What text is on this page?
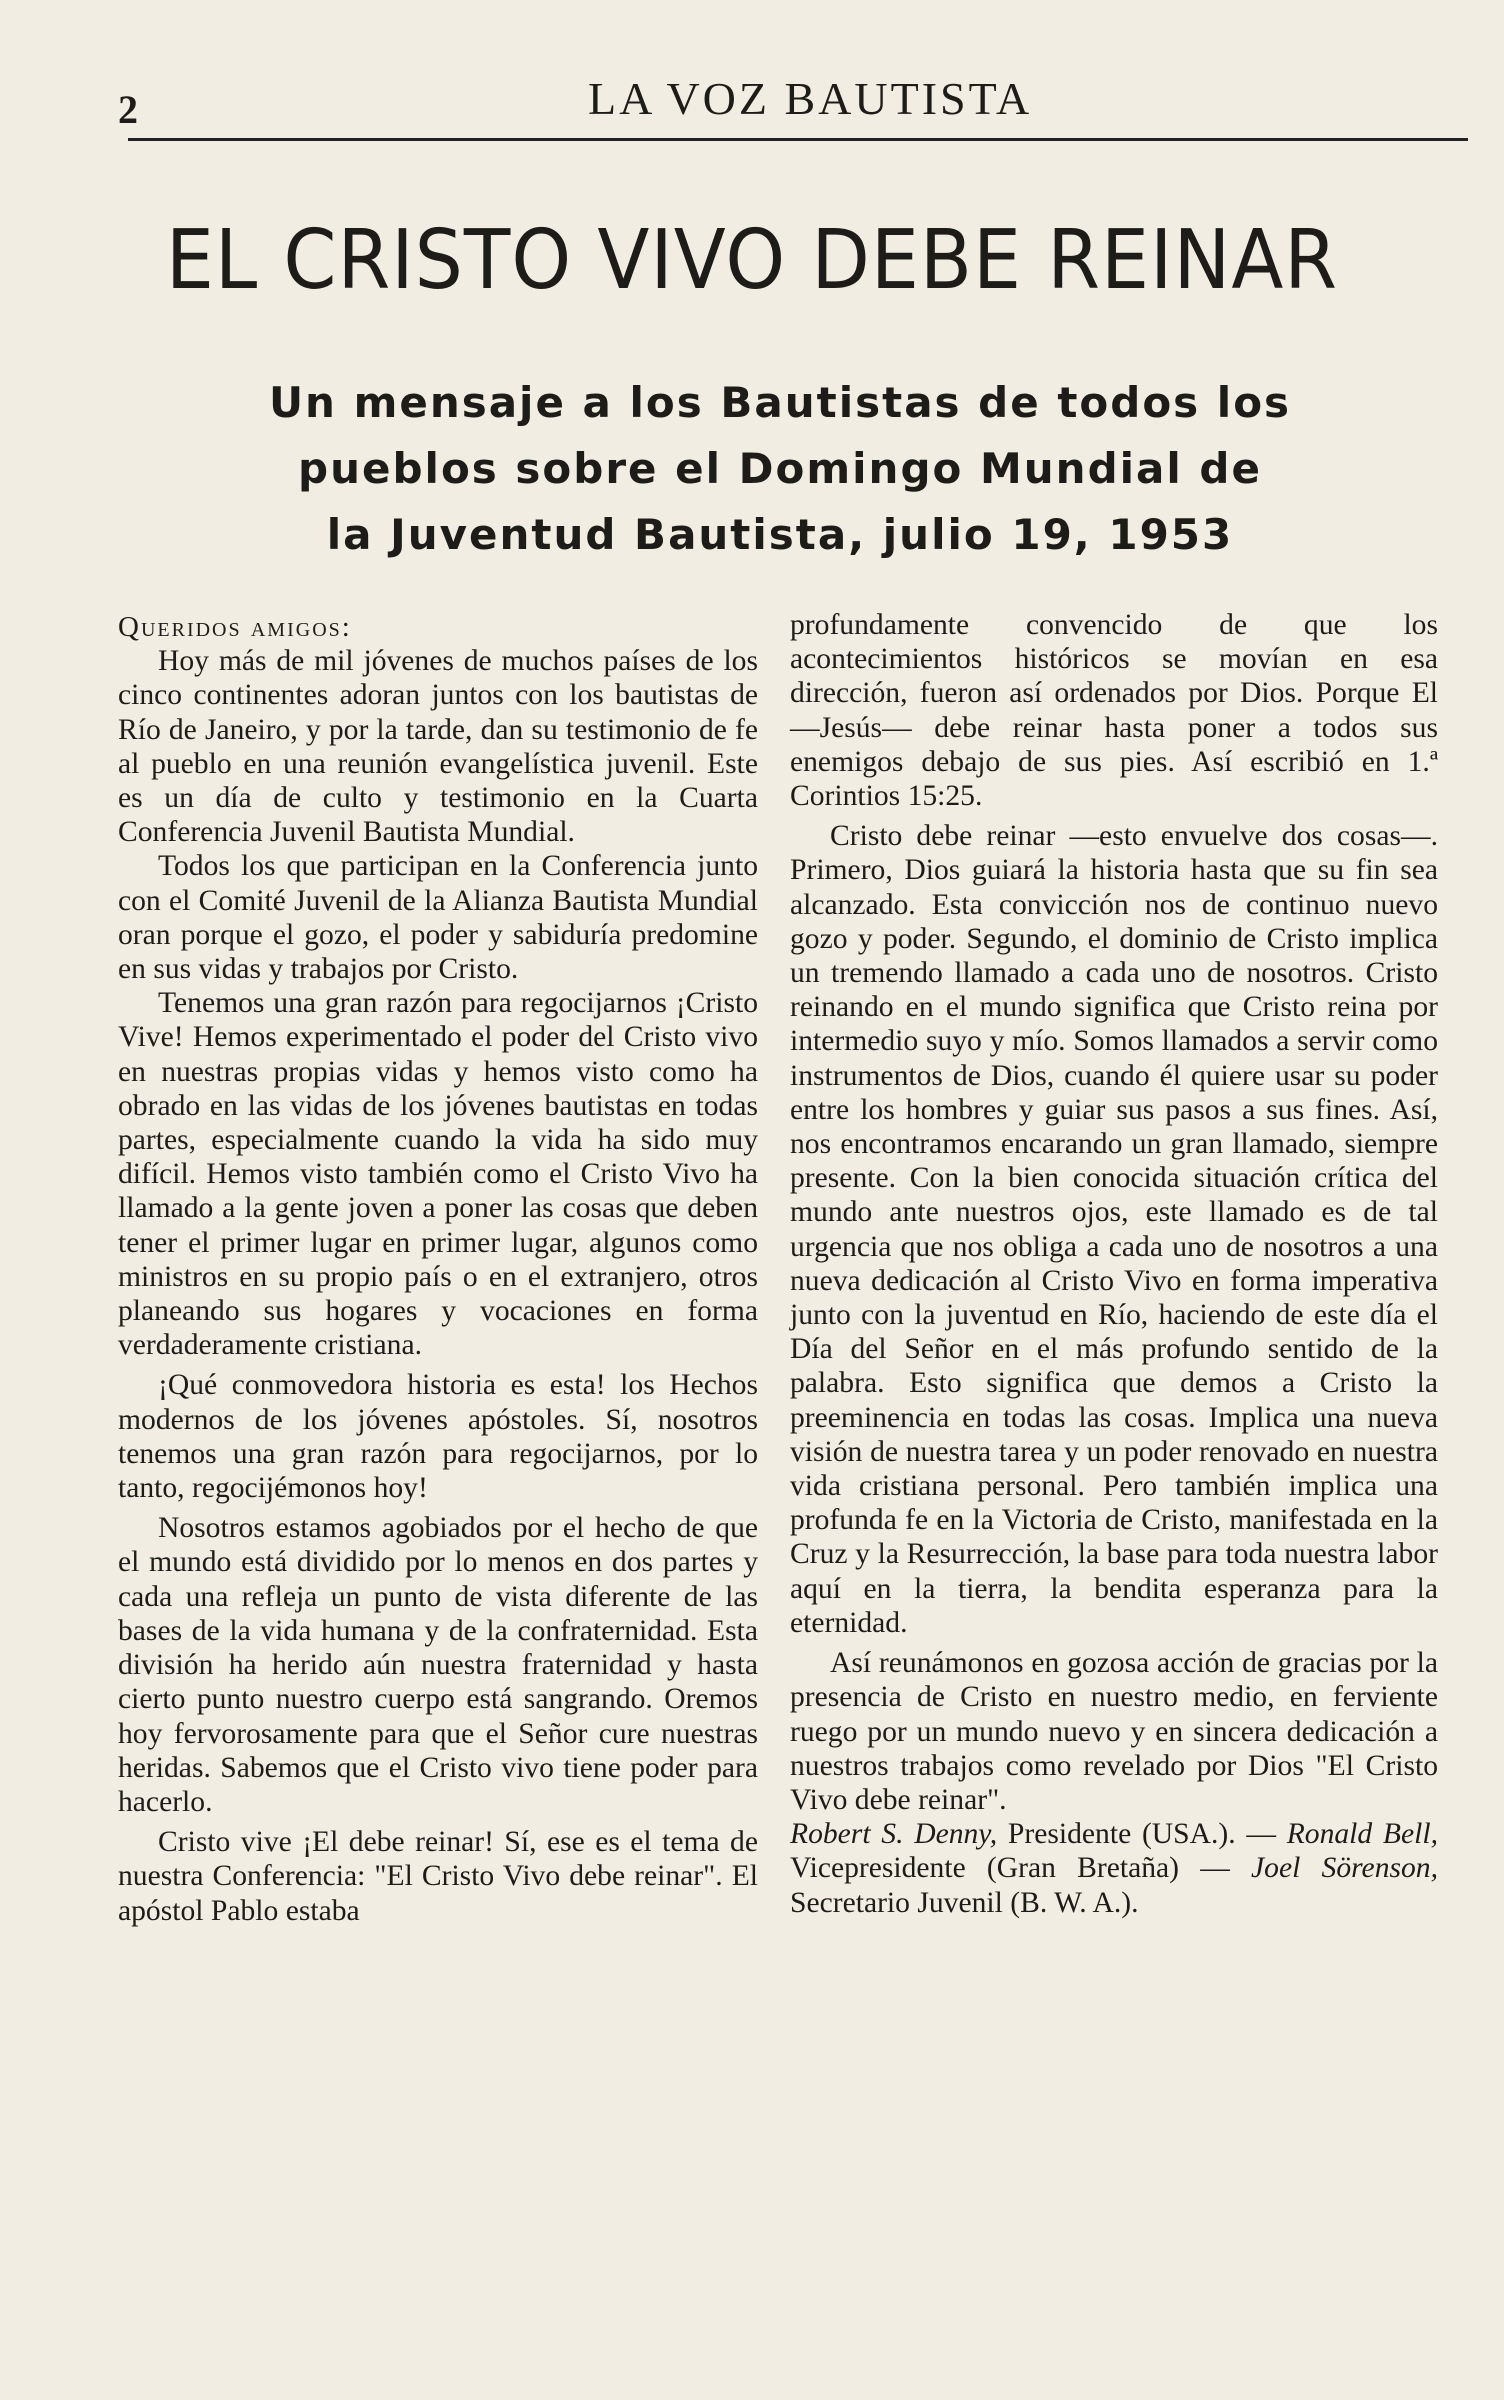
2	LA VOZ BAUTISTA
EL CRISTO VIVO DEBE REINAR
Un mensaje a los Bautistas de todos los
pueblos sobre el Domingo Mundial de
la Juventud Bautista, julio 19, 1953

Queridos amigos:

Hoy más de mil jóvenes de muchos países de los cinco continentes adoran juntos con los bautistas de Río de Janeiro, y por la tarde, dan su testimonio de fe al pueblo en una reunión evangelística juvenil. Este es un día de culto y testimonio en la Cuarta Conferencia Juvenil Bautista Mundial.

Todos los que participan en la Conferencia junto con el Comité Juvenil de la Alianza Bautista Mundial oran porque el gozo, el poder y sabiduría predomine en sus vidas y trabajos por Cristo.

Tenemos una gran razón para regocijarnos ¡Cristo Vive! Hemos experimentado el poder del Cristo vivo en nuestras propias vidas y hemos visto como ha obrado en las vidas de los jóvenes bautistas en todas partes, especialmente cuando la vida ha sido muy difícil. Hemos visto también como el Cristo Vivo ha llamado a la gente joven a poner las cosas que deben tener el primer lugar en primer lugar, algunos como ministros en su propio país o en el extranjero, otros planeando sus hogares y vocaciones en forma verdaderamente cristiana.

¡Qué conmovedora historia es esta! los Hechos modernos de los jóvenes apóstoles. Sí, nosotros tenemos una gran razón para regocijarnos, por lo tanto, regocijémonos hoy!

Nosotros estamos agobiados por el hecho de que el mundo está dividido por lo menos en dos partes y cada una refleja un punto de vista diferente de las bases de la vida humana y de la confraternidad. Esta división ha herido aún nuestra fraternidad y hasta cierto punto nuestro cuerpo está sangrando. Oremos hoy fervorosamente para que el Señor cure nuestras heridas. Sabemos que el Cristo vivo tiene poder para hacerlo.

Cristo vive ¡El debe reinar! Sí, ese es el tema de nuestra Conferencia: "El Cristo Vivo debe reinar". El apóstol Pablo estaba

profundamente convencido de que los acontecimientos históricos se movían en esa dirección, fueron así ordenados por Dios. Porque El —Jesús— debe reinar hasta poner a todos sus enemigos debajo de sus pies. Así escribió en 1.ª Corintios 15:25.

Cristo debe reinar —esto envuelve dos cosas—. Primero, Dios guiará la historia hasta que su fin sea alcanzado. Esta convicción nos de continuo nuevo gozo y poder. Segundo, el dominio de Cristo implica un tremendo llamado a cada uno de nosotros. Cristo reinando en el mundo significa que Cristo reina por intermedio suyo y mío. Somos llamados a servir como instrumentos de Dios, cuando él quiere usar su poder entre los hombres y guiar sus pasos a sus fines. Así, nos encontramos encarando un gran llamado, siempre presente. Con la bien conocida situación crítica del mundo ante nuestros ojos, este llamado es de tal urgencia que nos obliga a cada uno de nosotros a una nueva dedicación al Cristo Vivo en forma imperativa junto con la juventud en Río, haciendo de este día el Día del Señor en el más profundo sentido de la palabra. Esto significa que demos a Cristo la preeminencia en todas las cosas. Implica una nueva visión de nuestra tarea y un poder renovado en nuestra vida cristiana personal. Pero también implica una profunda fe en la Victoria de Cristo, manifestada en la Cruz y la Resurrección, la base para toda nuestra labor aquí en la tierra, la bendita esperanza para la eternidad.

Así reunámonos en gozosa acción de gracias por la presencia de Cristo en nuestro medio, en ferviente ruego por un mundo nuevo y en sincera dedicación a nuestros trabajos como revelado por Dios "El Cristo Vivo debe reinar".

Robert S. Denny, Presidente (USA.). — Ronald Bell, Vicepresidente (Gran Bretaña) — Joel Sörenson, Secretario Juvenil (B. W. A.).
